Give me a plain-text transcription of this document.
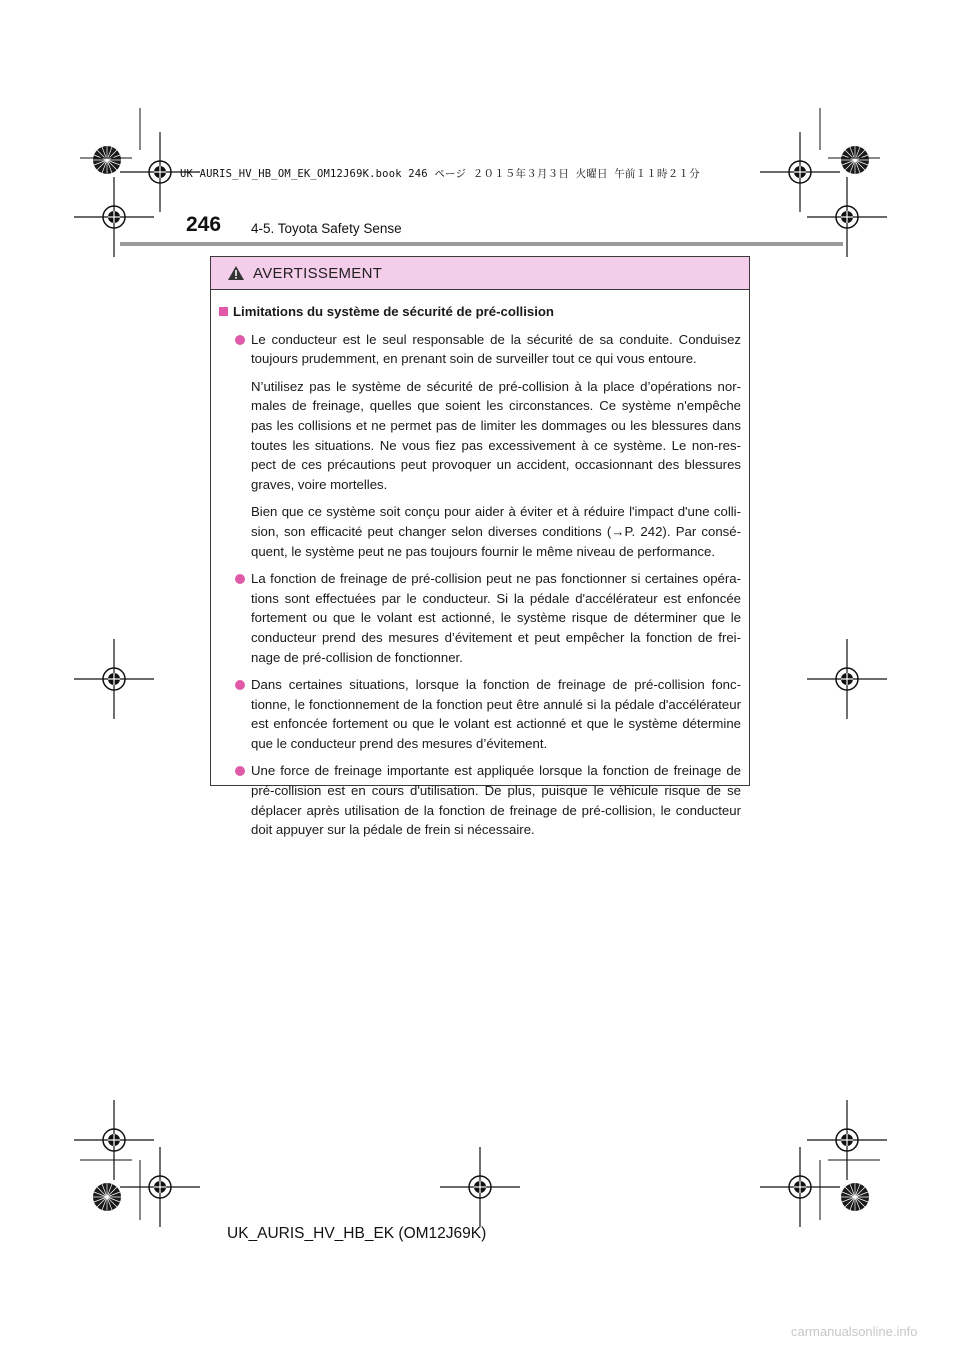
UK AURIS_HV_HB_OM_EK_OM12J69K.book 246 ページ ２０１５年３月３日 火曜日 午前１１時２１分
246 4-5. Toyota Safety Sense
AVERTISSEMENT
Limitations du système de sécurité de pré-collision

Le conducteur est le seul responsable de la sécurité de sa conduite. Conduisez toujours prudemment, en prenant soin de surveiller tout ce qui vous entoure.

N’utilisez pas le système de sécurité de pré-collision à la place d’opérations nor-males de freinage, quelles que soient les circonstances. Ce système n'empêche pas les collisions et ne permet pas de limiter les dommages ou les blessures dans toutes les situations. Ne vous fiez pas excessivement à ce système. Le non-res-pect de ces précautions peut provoquer un accident, occasionnant des blessures graves, voire mortelles.

Bien que ce système soit conçu pour aider à éviter et à réduire l'impact d'une colli-sion, son efficacité peut changer selon diverses conditions (→P. 242). Par consé-quent, le système peut ne pas toujours fournir le même niveau de performance.

La fonction de freinage de pré-collision peut ne pas fonctionner si certaines opéra-tions sont effectuées par le conducteur. Si la pédale d'accélérateur est enfoncée fortement ou que le volant est actionné, le système risque de déterminer que le conducteur prend des mesures d’évitement et peut empêcher la fonction de frei-nage de pré-collision de fonctionner.

Dans certaines situations, lorsque la fonction de freinage de pré-collision fonc-tionne, le fonctionnement de la fonction peut être annulé si la pédale d'accélérateur est enfoncée fortement ou que le volant est actionné et que le système détermine que le conducteur prend des mesures d’évitement.

Une force de freinage importante est appliquée lorsque la fonction de freinage de pré-collision est en cours d'utilisation. De plus, puisque le véhicule risque de se déplacer après utilisation de la fonction de freinage de pré-collision, le conducteur doit appuyer sur la pédale de frein si nécessaire.

UK_AURIS_HV_HB_EK (OM12J69K)
carmanualsonline.info
